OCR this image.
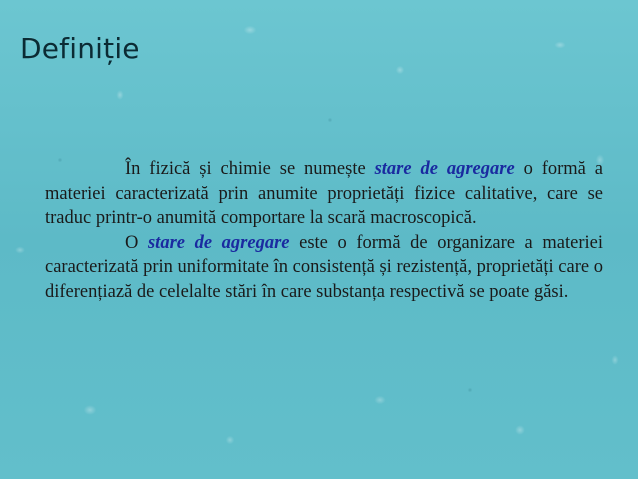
Definiție

În fizică și chimie se numește stare de agregare o formă a materiei caracterizată prin anumite proprietăți fizice calitative, care se traduc printr-o anumită comportare la scară macroscopică.

O stare de agregare este o formă de organizare a materiei caracterizată prin uniformitate în consistență și rezistență, proprietăți care o diferențiază de celelalte stări în care substanța respectivă se poate găsi.
